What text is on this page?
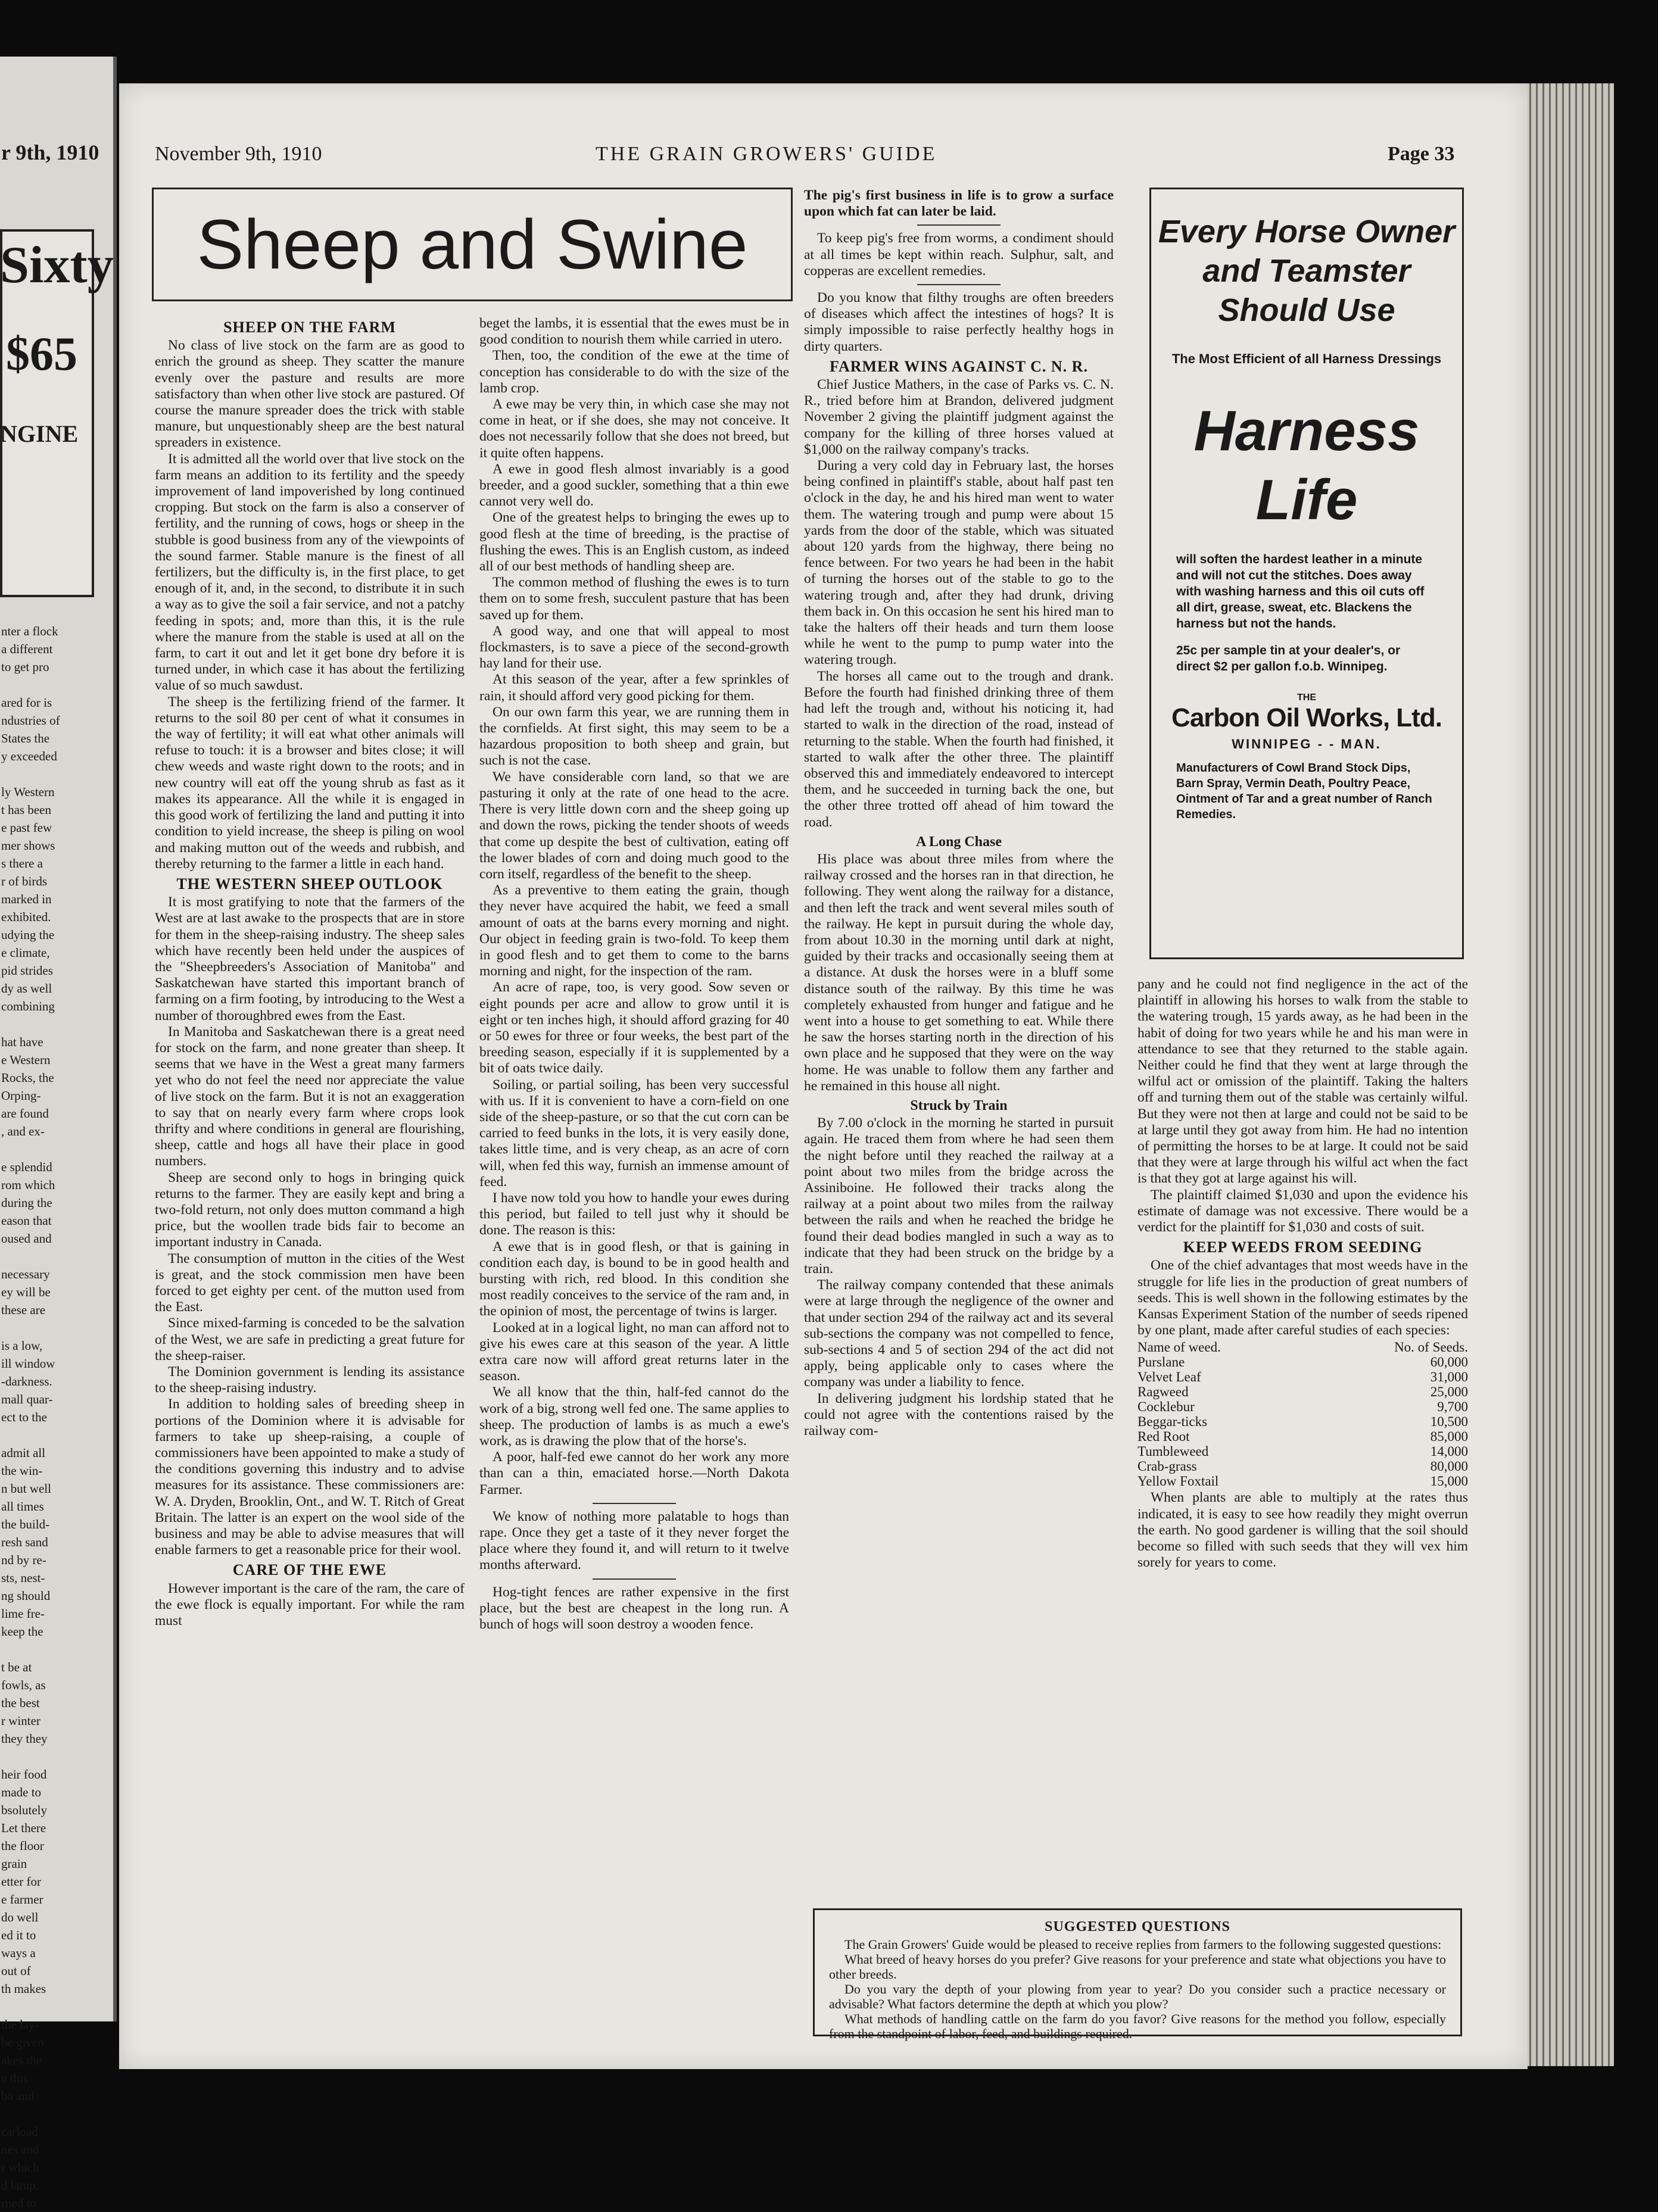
r 9th, 1910
Sixty
$65
NGINE
nter a flock
a different
to get pro

ared for is
ndustries of
States the
y exceeded

ly Western
t has been
e past few
mer shows
s there a
r of birds
marked in
exhibited.
udying the
e climate,
pid strides
dy as well
combining

hat have
e Western
Rocks, the
Orping-
are found
, and ex-

e splendid
rom which
during the
eason that
oused and

necessary
ey will be
these are

is a low,
ill window
-darkness.
mall quar-
ect to the

admit all
the win-
n but well
all times
the build-
resh sand
nd by re-
sts, nest-
ng should
lime fre-
keep the

t be at
fowls, as
the best
r winter
they they

heir food
made to
bsolutely
Let there
the floor
grain
etter for
e farmer
do well
ed it to
ways a
out of
th makes

the lay-
be given
akes the
e this
ba and

carload
nes and
r which
d lamp.
rned to
November 9th, 1910	THE GRAIN GROWERS' GUIDE	Page 33
Sheep and Swine
SHEEP ON THE FARM

No class of live stock on the farm are as good to enrich the ground as sheep. They scatter the manure evenly over the pasture and results are more satisfactory than when other live stock are pastured. Of course the manure spreader does the trick with stable manure, but unquestionably sheep are the best natural spreaders in existence.

It is admitted all the world over that live stock on the farm means an addition to its fertility and the speedy improvement of land impoverished by long continued cropping. But stock on the farm is also a conserver of fertility, and the running of cows, hogs or sheep in the stubble is good business from any of the viewpoints of the sound farmer. Stable manure is the finest of all fertilizers, but the difficulty is, in the first place, to get enough of it, and, in the second, to distribute it in such a way as to give the soil a fair service, and not a patchy feeding in spots; and, more than this, it is the rule where the manure from the stable is used at all on the farm, to cart it out and let it get bone dry before it is turned under, in which case it has about the fertilizing value of so much sawdust.

The sheep is the fertilizing friend of the farmer. It returns to the soil 80 per cent of what it consumes in the way of fertility; it will eat what other animals will refuse to touch: it is a browser and bites close; it will chew weeds and waste right down to the roots; and in new country will eat off the young shrub as fast as it makes its appearance. All the while it is engaged in this good work of fertilizing the land and putting it into condition to yield increase, the sheep is piling on wool and making mutton out of the weeds and rubbish, and thereby returning to the farmer a little in each hand.

THE WESTERN SHEEP OUTLOOK

It is most gratifying to note that the farmers of the West are at last awake to the prospects that are in store for them in the sheep-raising industry. The sheep sales which have recently been held under the auspices of the "Sheepbreeders's Association of Manitoba" and Saskatchewan have started this important branch of farming on a firm footing, by introducing to the West a number of thoroughbred ewes from the East.

In Manitoba and Saskatchewan there is a great need for stock on the farm, and none greater than sheep. It seems that we have in the West a great many farmers yet who do not feel the need nor appreciate the value of live stock on the farm. But it is not an exaggeration to say that on nearly every farm where crops look thrifty and where conditions in general are flourishing, sheep, cattle and hogs all have their place in good numbers.

Sheep are second only to hogs in bringing quick returns to the farmer. They are easily kept and bring a two-fold return, not only does mutton command a high price, but the woollen trade bids fair to become an important industry in Canada.

The consumption of mutton in the cities of the West is great, and the stock commission men have been forced to get eighty per cent. of the mutton used from the East.

Since mixed-farming is conceded to be the salvation of the West, we are safe in predicting a great future for the sheep-raiser.

The Dominion government is lending its assistance to the sheep-raising industry.

In addition to holding sales of breeding sheep in portions of the Dominion where it is advisable for farmers to take up sheep-raising, a couple of commissioners have been appointed to make a study of the conditions governing this industry and to advise measures for its assistance. These commissioners are: W. A. Dryden, Brooklin, Ont., and W. T. Ritch of Great Britain. The latter is an expert on the wool side of the business and may be able to advise measures that will enable farmers to get a reasonable price for their wool.

CARE OF THE EWE

However important is the care of the ram, the care of the ewe flock is equally important. For while the ram must

beget the lambs, it is essential that the ewes must be in good condition to nourish them while carried in utero.

Then, too, the condition of the ewe at the time of conception has considerable to do with the size of the lamb crop.

A ewe may be very thin, in which case she may not come in heat, or if she does, she may not conceive. It does not necessarily follow that she does not breed, but it quite often happens.

A ewe in good flesh almost invariably is a good breeder, and a good suckler, something that a thin ewe cannot very well do.

One of the greatest helps to bringing the ewes up to good flesh at the time of breeding, is the practise of flushing the ewes. This is an English custom, as indeed all of our best methods of handling sheep are.

The common method of flushing the ewes is to turn them on to some fresh, succulent pasture that has been saved up for them.

A good way, and one that will appeal to most flockmasters, is to save a piece of the second-growth hay land for their use.

At this season of the year, after a few sprinkles of rain, it should afford very good picking for them.

On our own farm this year, we are running them in the cornfields. At first sight, this may seem to be a hazardous proposition to both sheep and grain, but such is not the case.

We have considerable corn land, so that we are pasturing it only at the rate of one head to the acre. There is very little down corn and the sheep going up and down the rows, picking the tender shoots of weeds that come up despite the best of cultivation, eating off the lower blades of corn and doing much good to the corn itself, regardless of the benefit to the sheep.

As a preventive to them eating the grain, though they never have acquired the habit, we feed a small amount of oats at the barns every morning and night. Our object in feeding grain is two-fold. To keep them in good flesh and to get them to come to the barns morning and night, for the inspection of the ram.

An acre of rape, too, is very good. Sow seven or eight pounds per acre and allow to grow until it is eight or ten inches high, it should afford grazing for 40 or 50 ewes for three or four weeks, the best part of the breeding season, especially if it is supplemented by a bit of oats twice daily.

Soiling, or partial soiling, has been very successful with us. If it is convenient to have a corn-field on one side of the sheep-pasture, or so that the cut corn can be carried to feed bunks in the lots, it is very easily done, takes little time, and is very cheap, as an acre of corn will, when fed this way, furnish an immense amount of feed.

I have now told you how to handle your ewes during this period, but failed to tell just why it should be done. The reason is this:

A ewe that is in good flesh, or that is gaining in condition each day, is bound to be in good health and bursting with rich, red blood. In this condition she most readily conceives to the service of the ram and, in the opinion of most, the percentage of twins is larger.

Looked at in a logical light, no man can afford not to give his ewes care at this season of the year. A little extra care now will afford great returns later in the season.

We all know that the thin, half-fed cannot do the work of a big, strong well fed one. The same applies to sheep. The production of lambs is as much a ewe's work, as is drawing the plow that of the horse's.

A poor, half-fed ewe cannot do her work any more than can a thin, emaciated horse.—North Dakota Farmer.

We know of nothing more palatable to hogs than rape. Once they get a taste of it they never forget the place where they found it, and will return to it twelve months afterward.

Hog-tight fences are rather expensive in the first place, but the best are cheapest in the long run. A bunch of hogs will soon destroy a wooden fence.

The pig's first business in life is to grow a surface upon which fat can later be laid.

To keep pig's free from worms, a condiment should at all times be kept within reach. Sulphur, salt, and copperas are excellent remedies.

Do you know that filthy troughs are often breeders of diseases which affect the intestines of hogs? It is simply impossible to raise perfectly healthy hogs in dirty quarters.

FARMER WINS AGAINST C. N. R.

Chief Justice Mathers, in the case of Parks vs. C. N. R., tried before him at Brandon, delivered judgment November 2 giving the plaintiff judgment against the company for the killing of three horses valued at $1,000 on the railway company's tracks.

During a very cold day in February last, the horses being confined in plaintiff's stable, about half past ten o'clock in the day, he and his hired man went to water them. The watering trough and pump were about 15 yards from the door of the stable, which was situated about 120 yards from the highway, there being no fence between. For two years he had been in the habit of turning the horses out of the stable to go to the watering trough and, after they had drunk, driving them back in. On this occasion he sent his hired man to take the halters off their heads and turn them loose while he went to the pump to pump water into the watering trough.

The horses all came out to the trough and drank. Before the fourth had finished drinking three of them had left the trough and, without his noticing it, had started to walk in the direction of the road, instead of returning to the stable. When the fourth had finished, it started to walk after the other three. The plaintiff observed this and immediately endeavored to intercept them, and he succeeded in turning back the one, but the other three trotted off ahead of him toward the road.

A Long Chase

His place was about three miles from where the railway crossed and the horses ran in that direction, he following. They went along the railway for a distance, and then left the track and went several miles south of the railway. He kept in pursuit during the whole day, from about 10.30 in the morning until dark at night, guided by their tracks and occasionally seeing them at a distance. At dusk the horses were in a bluff some distance south of the railway. By this time he was completely exhausted from hunger and fatigue and he went into a house to get something to eat. While there he saw the horses starting north in the direction of his own place and he supposed that they were on the way home. He was unable to follow them any farther and he remained in this house all night.

Struck by Train

By 7.00 o'clock in the morning he started in pursuit again. He traced them from where he had seen them the night before until they reached the railway at a point about two miles from the bridge across the Assiniboine. He followed their tracks along the railway at a point about two miles from the railway between the rails and when he reached the bridge he found their dead bodies mangled in such a way as to indicate that they had been struck on the bridge by a train.

The railway company contended that these animals were at large through the negligence of the owner and that under section 294 of the railway act and its several sub-sections the company was not compelled to fence, sub-sections 4 and 5 of section 294 of the act did not apply, being applicable only to cases where the company was under a liability to fence.

In delivering judgment his lordship stated that he could not agree with the contentions raised by the railway com-

Every Horse Owner and Teamster Should Use
The Most Efficient of all Harness Dressings
Harness Life
will soften the hardest leather in a minute and will not cut the stitches. Does away with washing harness and this oil cuts off all dirt, grease, sweat, etc. Blackens the harness but not the hands.
25c per sample tin at your dealer's, or direct $2 per gallon f.o.b. Winnipeg.
THE
Carbon Oil Works, Ltd.
WINNIPEG - - MAN.
Manufacturers of Cowl Brand Stock Dips, Barn Spray, Vermin Death, Poultry Peace, Ointment of Tar and a great number of Ranch Remedies.

pany and he could not find negligence in the act of the plaintiff in allowing his horses to walk from the stable to the watering trough, 15 yards away, as he had been in the habit of doing for two years while he and his man were in attendance to see that they returned to the stable again. Neither could he find that they went at large through the wilful act or omission of the plaintiff. Taking the halters off and turning them out of the stable was certainly wilful. But they were not then at large and could not be said to be at large until they got away from him. He had no intention of permitting the horses to be at large. It could not be said that they were at large through his wilful act when the fact is that they got at large against his will.

The plaintiff claimed $1,030 and upon the evidence his estimate of damage was not excessive. There would be a verdict for the plaintiff for $1,030 and costs of suit.

KEEP WEEDS FROM SEEDING

One of the chief advantages that most weeds have in the struggle for life lies in the production of great numbers of seeds. This is well shown in the following estimates by the Kansas Experiment Station of the number of seeds ripened by one plant, made after careful studies of each species:

Name of weed.	No. of Seeds.
Purslane	60,000
Velvet Leaf	31,000
Ragweed	25,000
Cocklebur	9,700
Beggar-ticks	10,500
Red Root	85,000
Tumbleweed	14,000
Crab-grass	80,000
Yellow Foxtail	15,000

When plants are able to multiply at the rates thus indicated, it is easy to see how readily they might overrun the earth. No good gardener is willing that the soil should become so filled with such seeds that they will vex him sorely for years to come.

SUGGESTED QUESTIONS

The Grain Growers' Guide would be pleased to receive replies from farmers to the following suggested questions:

What breed of heavy horses do you prefer? Give reasons for your preference and state what objections you have to other breeds.

Do you vary the depth of your plowing from year to year? Do you consider such a practice necessary or advisable? What factors determine the depth at which you plow?

What methods of handling cattle on the farm do you favor? Give reasons for the method you follow, especially from the standpoint of labor, feed, and buildings required.
